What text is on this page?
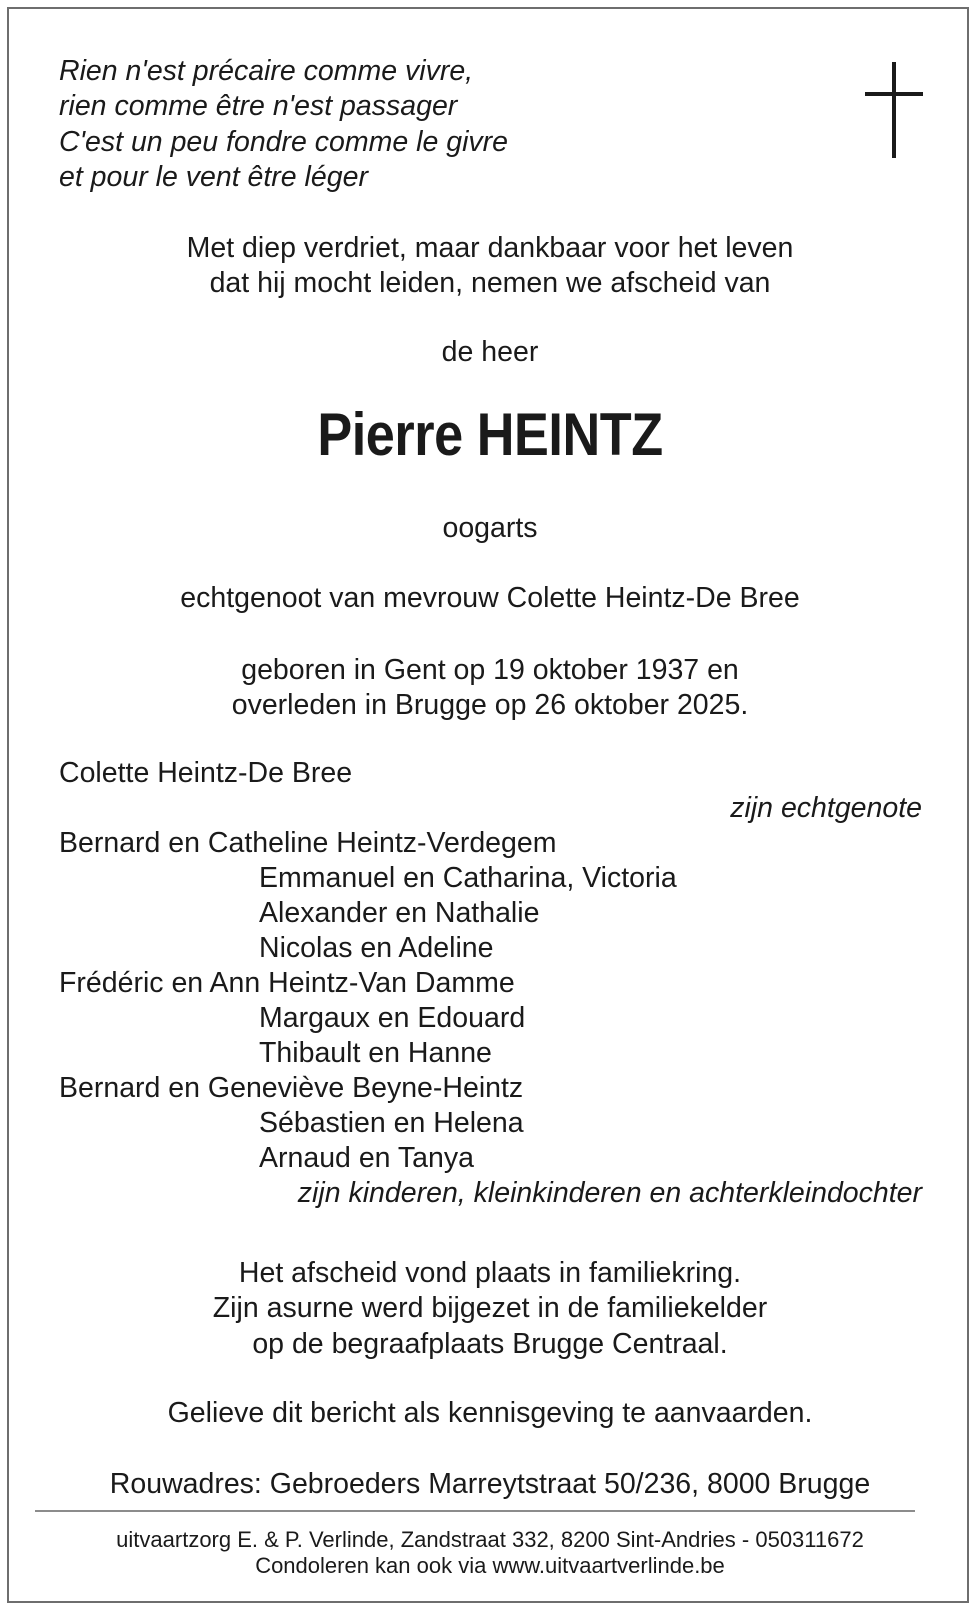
Rien n'est précaire comme vivre,
rien comme être n'est passager
C'est un peu fondre comme le givre
et pour le vent être léger
Met diep verdriet, maar dankbaar voor het leven
dat hij mocht leiden, nemen we afscheid van
de heer
Pierre HEINTZ
oogarts
echtgenoot van mevrouw Colette Heintz-De Bree
geboren in Gent op 19 oktober 1937 en
overleden in Brugge op 26 oktober 2025.
Colette Heintz-De Bree
zijn echtgenote
Bernard en Catheline Heintz-Verdegem
Emmanuel en Catharina, Victoria
Alexander en Nathalie
Nicolas en Adeline
Frédéric en Ann Heintz-Van Damme
Margaux en Edouard
Thibault en Hanne
Bernard en Geneviève Beyne-Heintz
Sébastien en Helena
Arnaud en Tanya
zijn kinderen, kleinkinderen en achterkleindochter
Het afscheid vond plaats in familiekring.
Zijn asurne werd bijgezet in de familiekelder
op de begraafplaats Brugge Centraal.
Gelieve dit bericht als kennisgeving te aanvaarden.
Rouwadres: Gebroeders Marreytstraat 50/236, 8000 Brugge
uitvaartzorg E. & P. Verlinde, Zandstraat 332, 8200 Sint-Andries - 050311672
Condoleren kan ook via www.uitvaartverlinde.be
